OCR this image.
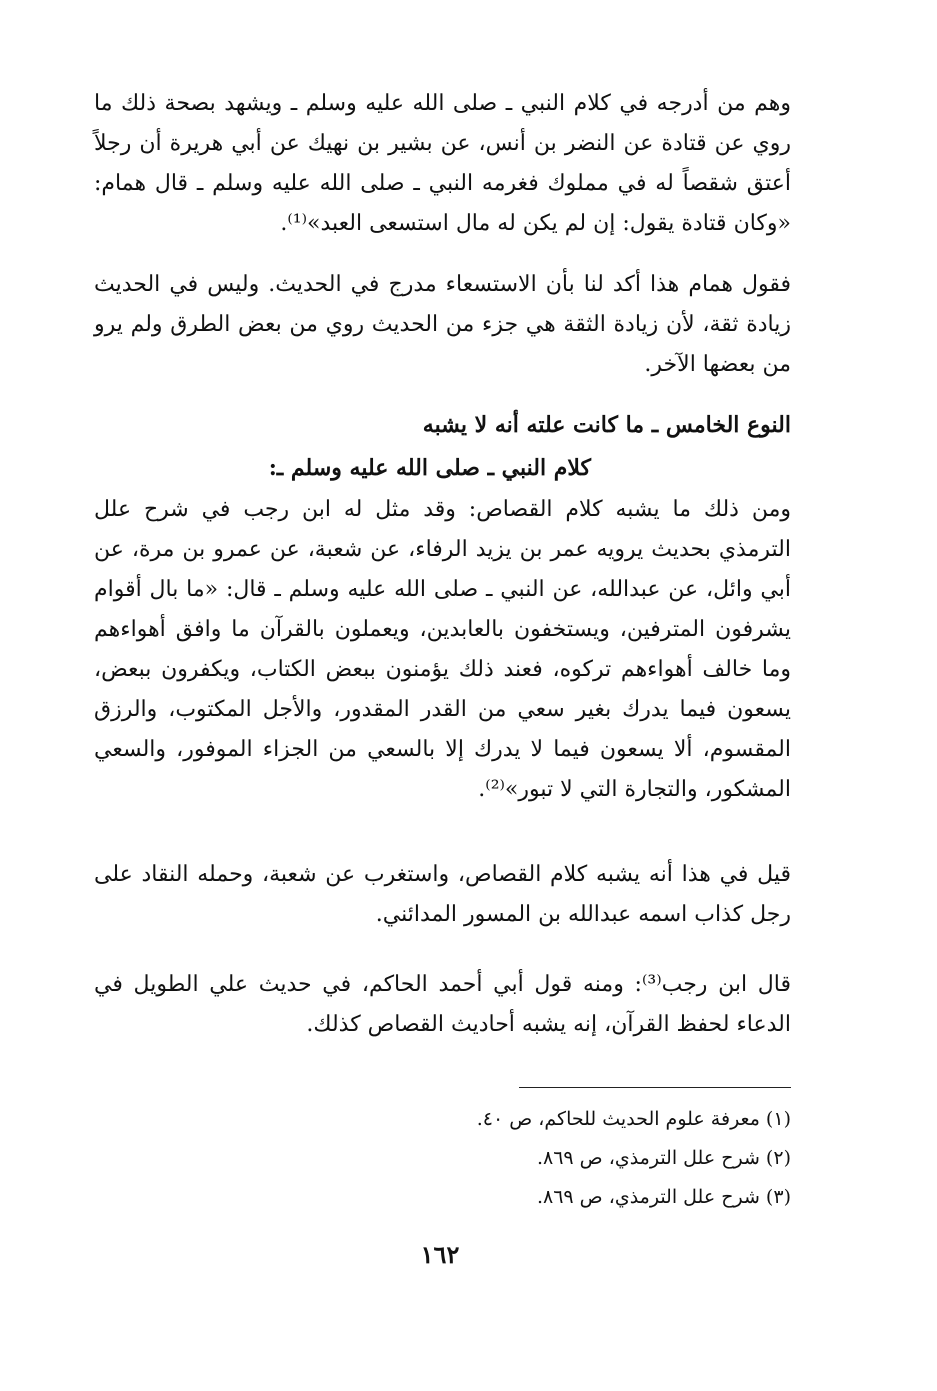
وهم من أدرجه في كلام النبي ـ صلى الله عليه وسلم ـ ويشهد بصحة ذلك ما روي عن قتادة عن النضر بن أنس، عن بشير بن نهيك عن أبي هريرة أن رجلاً أعتق شقصاً له في مملوك فغرمه النبي ـ صلى الله عليه وسلم ـ قال همام: «وكان قتادة يقول: إن لم يكن له مال استسعى العبد»⁽¹⁾.

فقول همام هذا أكد لنا بأن الاستسعاء مدرج في الحديث. وليس في الحديث زيادة ثقة، لأن زيادة الثقة هي جزء من الحديث روي من بعض الطرق ولم يرو من بعضها الآخر.

النوع الخامس ـ ما كانت علته أنه لا يشبه
كلام النبي ـ صلى الله عليه وسلم ـ:

ومن ذلك ما يشبه كلام القصاص: وقد مثل له ابن رجب في شرح علل الترمذي بحديث يرويه عمر بن يزيد الرفاء، عن شعبة، عن عمرو بن مرة، عن أبي وائل، عن عبدالله، عن النبي ـ صلى الله عليه وسلم ـ قال: «ما بال أقوام يشرفون المترفين، ويستخفون بالعابدين، ويعملون بالقرآن ما وافق أهواءهم وما خالف أهواءهم تركوه، فعند ذلك يؤمنون ببعض الكتاب، ويكفرون ببعض، يسعون فيما يدرك بغير سعي من القدر المقدور، والأجل المكتوب، والرزق المقسوم، ألا يسعون فيما لا يدرك إلا بالسعي من الجزاء الموفور، والسعي المشكور، والتجارة التي لا تبور»⁽²⁾.

قيل في هذا أنه يشبه كلام القصاص، واستغرب عن شعبة، وحمله النقاد على رجل كذاب اسمه عبدالله بن المسور المدائني.

قال ابن رجب⁽³⁾: ومنه قول أبي أحمد الحاكم، في حديث علي الطويل في الدعاء لحفظ القرآن، إنه يشبه أحاديث القصاص كذلك.

(١) معرفة علوم الحديث للحاكم، ص ٤٠.
(٢) شرح علل الترمذي، ص ٨٦٩.
(٣) شرح علل الترمذي، ص ٨٦٩.
١٦٢
